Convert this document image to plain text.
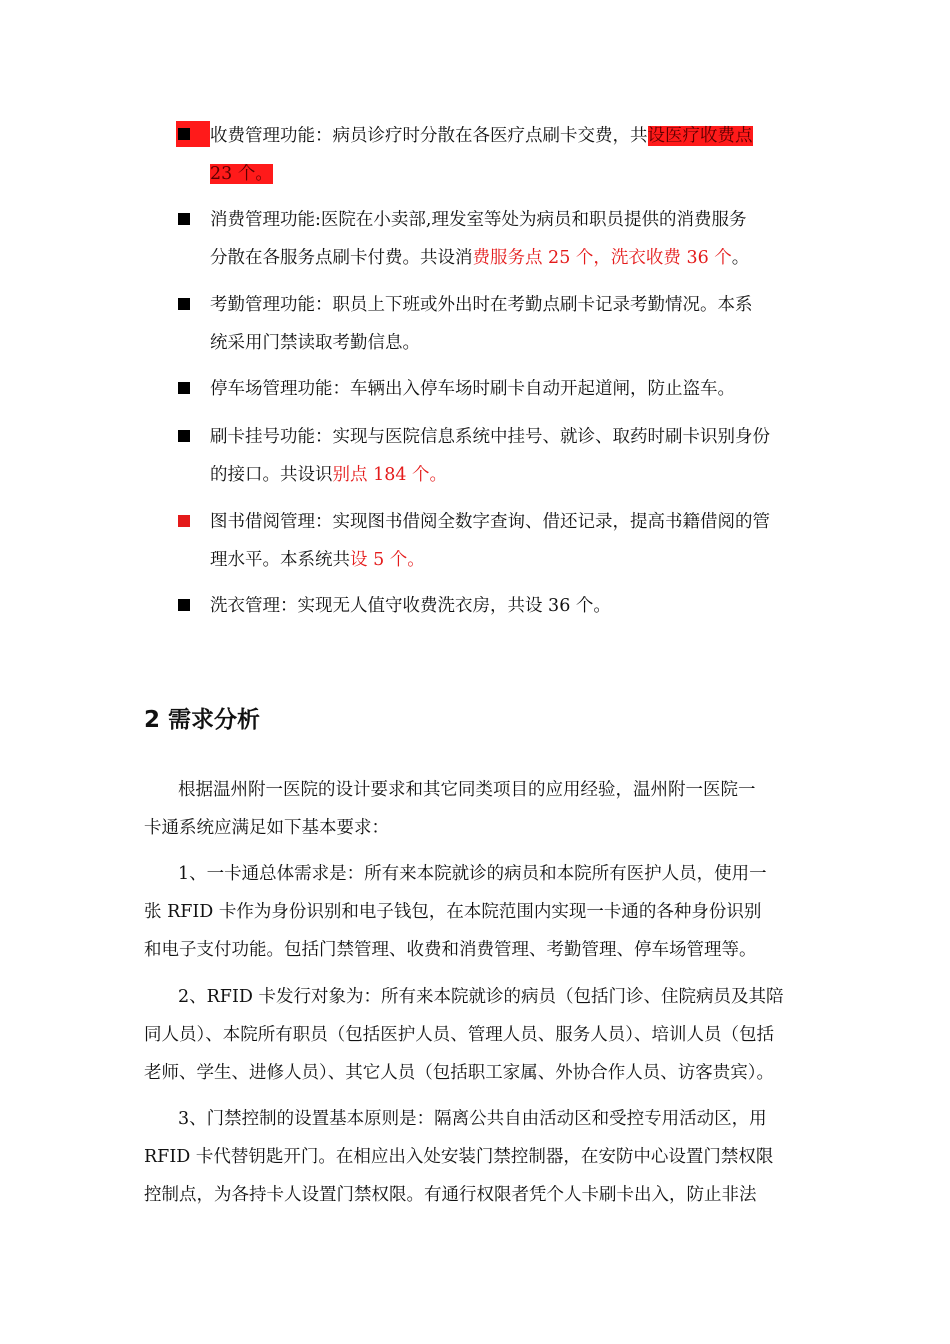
收费管理功能：病员诊疗时分散在各医疗点刷卡交费，共设医疗收费点
23 个。
消费管理功能:医院在小卖部,理发室等处为病员和职员提供的消费服务
分散在各服务点刷卡付费。共设消费服务点 25 个，洗衣收费 36 个。
考勤管理功能：职员上下班或外出时在考勤点刷卡记录考勤情况。本系
统采用门禁读取考勤信息。
停车场管理功能：车辆出入停车场时刷卡自动开起道闸，防止盗车。
刷卡挂号功能：实现与医院信息系统中挂号、就诊、取药时刷卡识别身份
的接口。共设识别点 184 个。
图书借阅管理：实现图书借阅全数字查询、借还记录，提高书籍借阅的管
理水平。本系统共设 5 个。
洗衣管理：实现无人值守收费洗衣房，共设 36 个。
2 需求分析
根据温州附一医院的设计要求和其它同类项目的应用经验，温州附一医院一
卡通系统应满足如下基本要求：
1、一卡通总体需求是：所有来本院就诊的病员和本院所有医护人员，使用一
张 RFID 卡作为身份识别和电子钱包，在本院范围内实现一卡通的各种身份识别
和电子支付功能。包括门禁管理、收费和消费管理、考勤管理、停车场管理等。
2、RFID 卡发行对象为：所有来本院就诊的病员（包括门诊、住院病员及其陪
同人员）、本院所有职员（包括医护人员、管理人员、服务人员）、培训人员（包括
老师、学生、进修人员）、其它人员（包括职工家属、外协合作人员、访客贵宾）。
3、门禁控制的设置基本原则是：隔离公共自由活动区和受控专用活动区，用
RFID 卡代替钥匙开门。在相应出入处安装门禁控制器，在安防中心设置门禁权限
控制点，为各持卡人设置门禁权限。有通行权限者凭个人卡刷卡出入，防止非法
